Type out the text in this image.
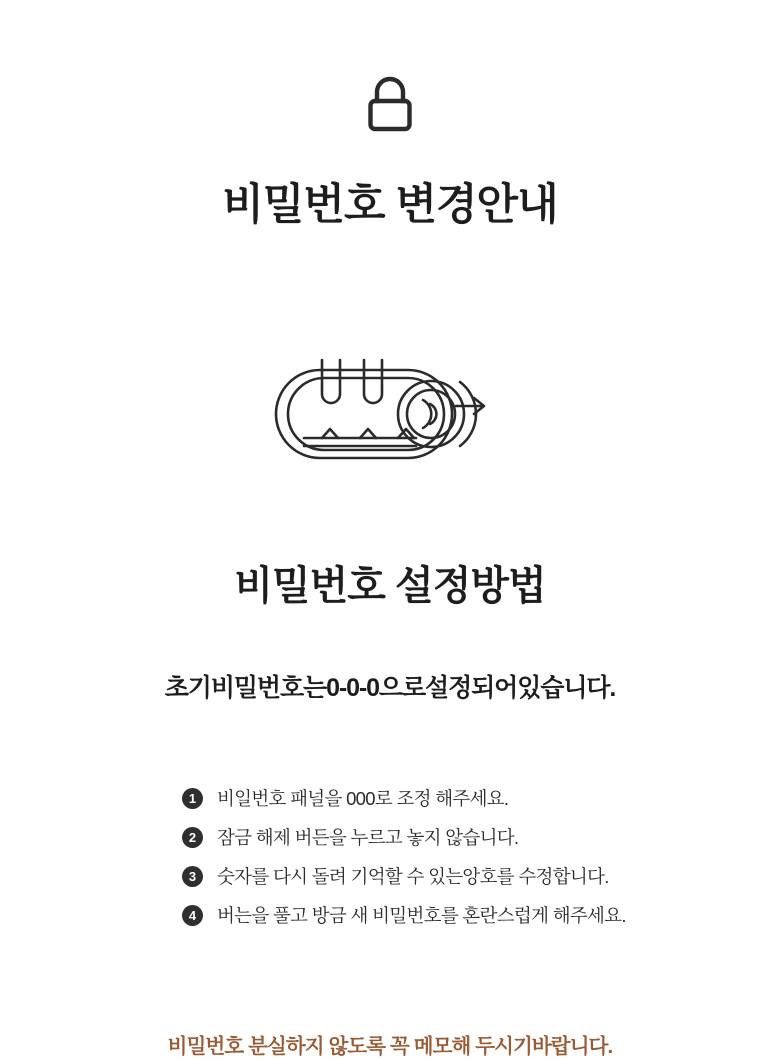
비밀번호 변경안내
비밀번호 설정방법

초기비밀번호는0-0-0으로설정되어있습니다.

1	비일번호 패널을 000로 조정 해주세요.
2	잠금 해제 버든을 누르고 놓지 않습니다.
3	숫자를 다시 돌려 기억할 수 있는앙호를 수정합니다.
4	버는을 풀고 방금 새 비밀번호를 혼란스럽게 해주세요.

비밀번호 분실하지 않도록 꼭 메모해 두시기바랍니다.
